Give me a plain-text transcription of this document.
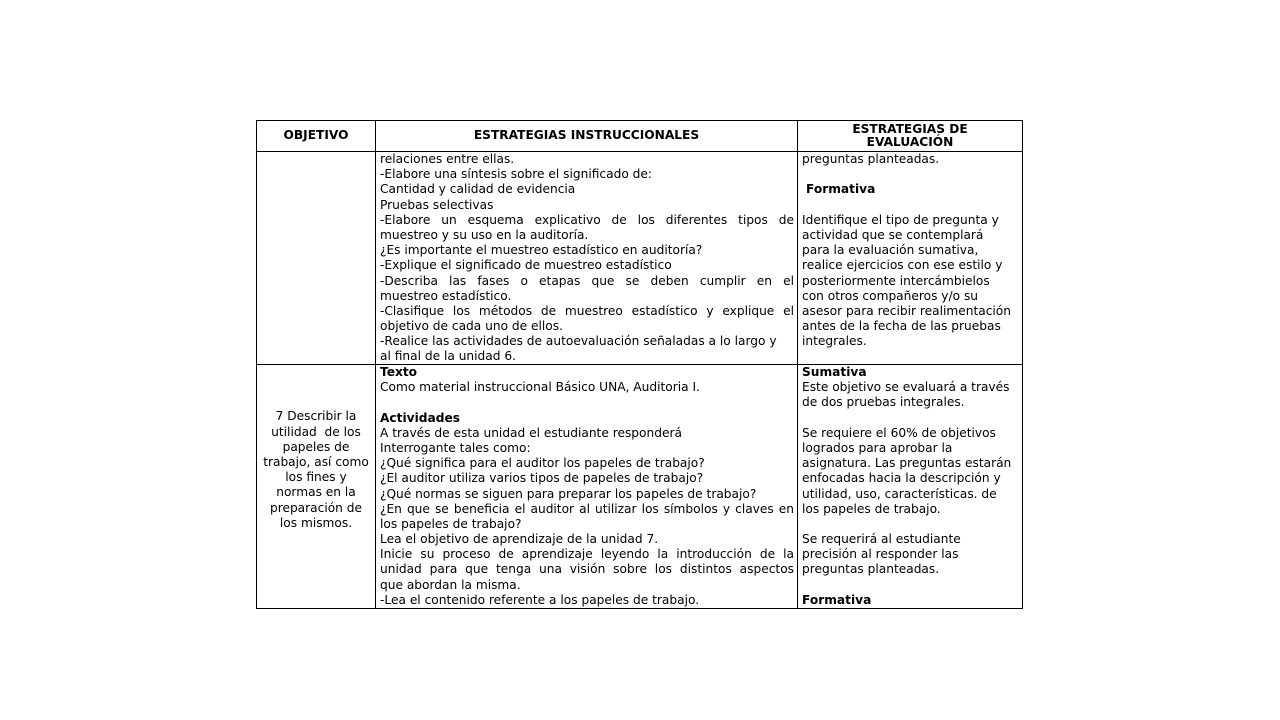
OBJETIVO	ESTRATEGIAS INSTRUCCIONALES	ESTRATEGIAS DE
EVALUACIÓN
relaciones entre ellas.
-Elabore una síntesis sobre el significado de:
Cantidad y calidad de evidencia
Pruebas selectivas
-Elabore un esquema explicativo de los diferentes tipos de
muestreo y su uso en la auditoría.
¿Es importante el muestreo estadístico en auditoría?
-Explique el significado de muestreo estadístico
-Describa las fases o etapas que se deben cumplir en el
muestreo estadístico.
-Clasifique los métodos de muestreo estadístico y explique el
objetivo de cada uno de ellos.
-Realice las actividades de autoevaluación señaladas a lo largo y
al final de la unidad 6.
preguntas planteadas.
Formativa
Identifique el tipo de pregunta y
actividad que se contemplará
para la evaluación sumativa,
realice ejercicios con ese estilo y
posteriormente intercámbielos
con otros compañeros y/o su
asesor para recibir realimentación
antes de la fecha de las pruebas
integrales.
7 Describir la
utilidad  de los
papeles de
trabajo, así como
los fines y
normas en la
preparación de
los mismos.
Texto
Como material instruccional Básico UNA, Auditoria I.
Actividades
A través de esta unidad el estudiante responderá
Interrogante tales como:
¿Qué significa para el auditor los papeles de trabajo?
¿El auditor utiliza varios tipos de papeles de trabajo?
¿Qué normas se siguen para preparar los papeles de trabajo?
¿En que se beneficia el auditor al utilizar los símbolos y claves en
los papeles de trabajo?
Lea el objetivo de aprendizaje de la unidad 7.
Inicie su proceso de aprendizaje leyendo la introducción de la
unidad para que tenga una visión sobre los distintos aspectos
que abordan la misma.
-Lea el contenido referente a los papeles de trabajo.
Sumativa
Este objetivo se evaluará a través
de dos pruebas integrales.
Se requiere el 60% de objetivos
logrados para aprobar la
asignatura. Las preguntas estarán
enfocadas hacia la descripción y
utilidad, uso, características. de
los papeles de trabajo.
Se requerirá al estudiante
precisión al responder las
preguntas planteadas.
Formativa
